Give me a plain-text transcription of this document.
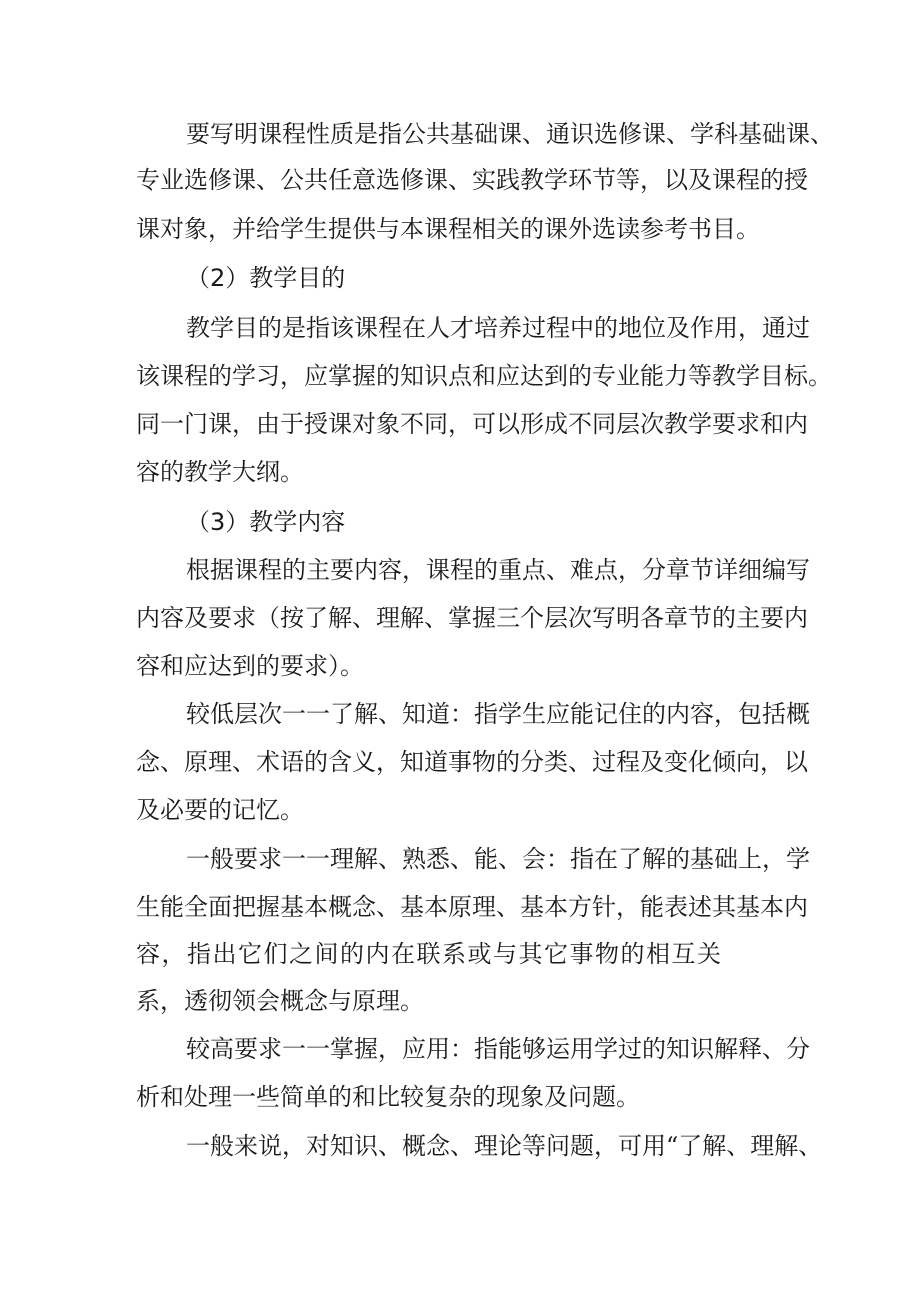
要写明课程性质是指公共基础课、通识选修课、学科基础课、

专业选修课、公共任意选修课、实践教学环节等，以及课程的授

课对象，并给学生提供与本课程相关的课外选读参考书目。

（2）教学目的

教学目的是指该课程在人才培养过程中的地位及作用，通过

该课程的学习，应掌握的知识点和应达到的专业能力等教学目标。

同一门课，由于授课对象不同，可以形成不同层次教学要求和内

容的教学大纲。

（3）教学内容

根据课程的主要内容，课程的重点、难点，分章节详细编写

内容及要求（按了解、理解、掌握三个层次写明各章节的主要内

容和应达到的要求）。

较低层次一一了解、知道：指学生应能记住的内容，包括概

念、原理、术语的含义，知道事物的分类、过程及变化倾向，以

及必要的记忆。

一般要求一一理解、熟悉、能、会：指在了解的基础上，学

生能全面把握基本概念、基本原理、基本方针，能表述其基本内

容，指出它们之间的内在联系或与其它事物的相互关

系，透彻领会概念与原理。

较高要求一一掌握，应用：指能够运用学过的知识解释、分

析和处理一些简单的和比较复杂的现象及问题。

一般来说，对知识、概念、理论等问题，可用“了解、理解、
